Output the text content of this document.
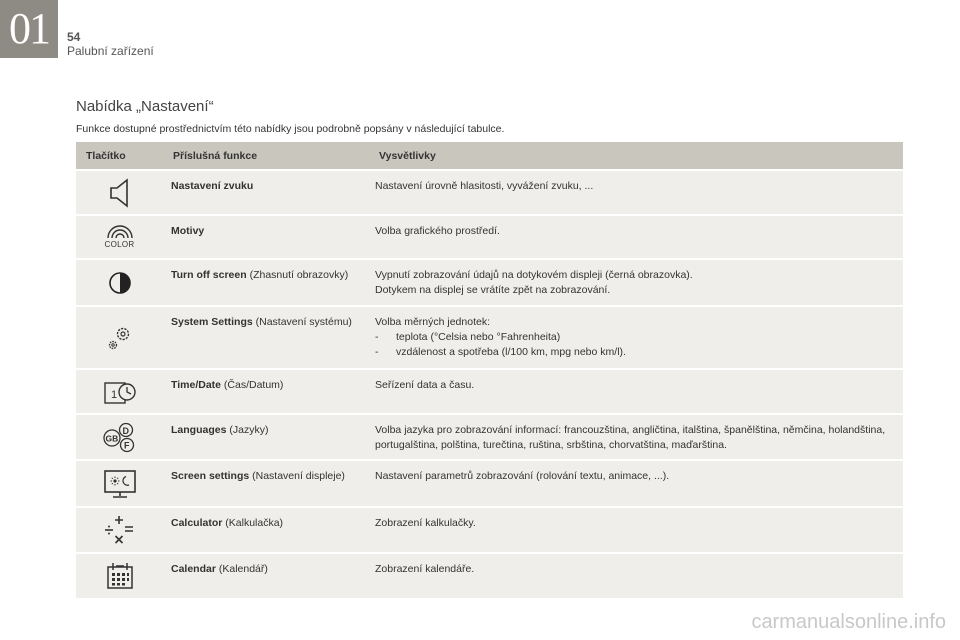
01	54
Palubní zařízení
Nabídka „Nastavení“
Funkce dostupné prostřednictvím této nabídky jsou podrobně popsány v následující tabulce.
Tlačítko	Příslušná funkce	Vysvětlivky

	Nastavení zvuku	Nastavení úrovně hlasitosti, vyvážení zvuku, ...

COLOR	Motivy	Volba grafického prostředí.

	Turn off screen (Zhasnutí obrazovky)	Vypnutí zobrazování údajů na dotykovém displeji (černá obrazovka).
Dotykem na displej se vrátíte zpět na zobrazování.

	System Settings (Nastavení systému)	Volba měrných jednotek:
- teplota (°Celsia nebo °Fahrenheita)
- vzdálenost a spotřeba (l/100 km, mpg nebo km/l).

1	Time/Date (Čas/Datum)	Seřízení data a času.

D
GB
F	Languages (Jazyky)	Volba jazyka pro zobrazování informací: francouzština, angličtina, italština, španělština, němčina, holandština, portugalština, polština, turečtina, ruština, srbština, chorvatština, maďarština.

	Screen settings (Nastavení displeje)	Nastavení parametrů zobrazování (rolování textu, animace, ...).

	Calculator (Kalkulačka)	Zobrazení kalkulačky.

	Calendar (Kalendář)	Zobrazení kalendáře.
carmanualsonline.info
